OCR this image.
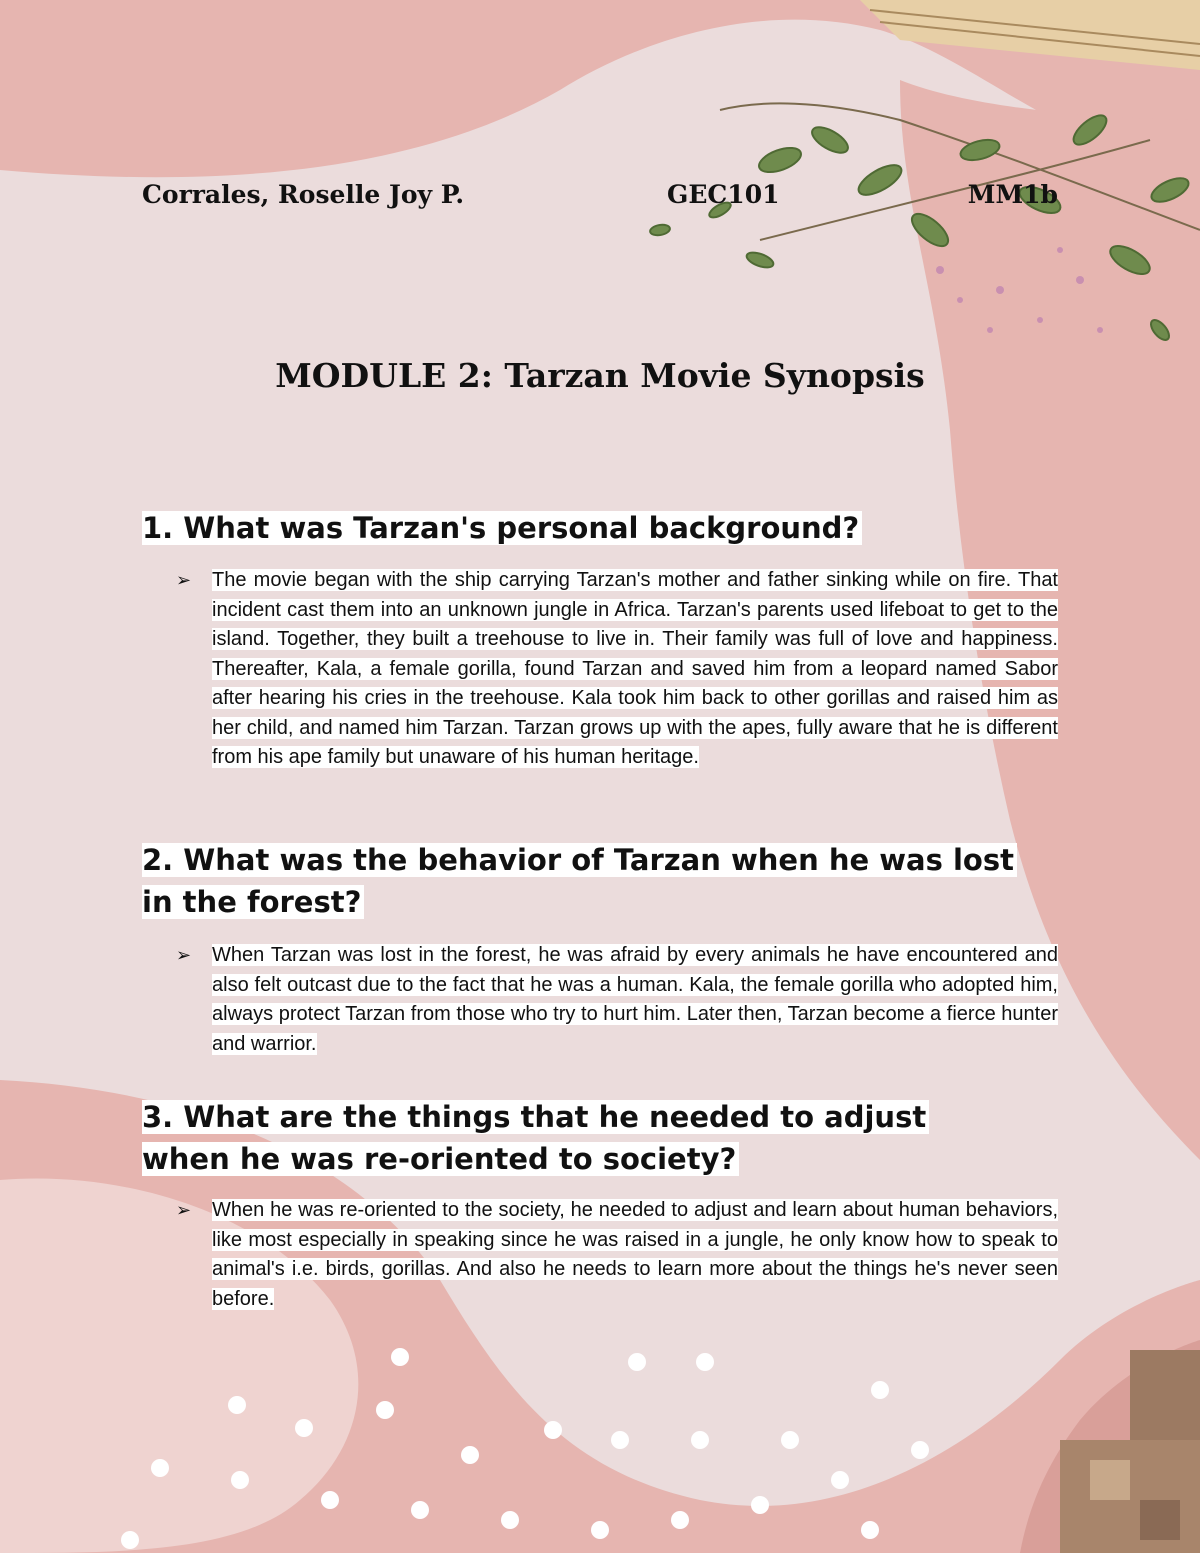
Corrales, Roselle Joy P.	GEC101	MM1b
MODULE 2: Tarzan Movie Synopsis
1. What was Tarzan's personal background?
➢ The movie began with the ship carrying Tarzan's mother and father sinking while on fire. That incident cast them into an unknown jungle in Africa. Tarzan's parents used lifeboat to get to the island. Together, they built a treehouse to live in. Their family was full of love and happiness. Thereafter, Kala, a female gorilla, found Tarzan and saved him from a leopard named Sabor after hearing his cries in the treehouse. Kala took him back to other gorillas and raised him as her child, and named him Tarzan. Tarzan grows up with the apes, fully aware that he is different from his ape family but unaware of his human heritage.

2. What was the behavior of Tarzan when he was lost in the forest?
➢ When Tarzan was lost in the forest, he was afraid by every animals he have encountered and also felt outcast due to the fact that he was a human. Kala, the female gorilla who adopted him, always protect Tarzan from those who try to hurt him. Later then, Tarzan become a fierce hunter and warrior.

3. What are the things that he needed to adjust when he was re-oriented to society?
➢ When he was re-oriented to the society, he needed to adjust and learn about human behaviors, like most especially in speaking since he was raised in a jungle, he only know how to speak to animal's i.e. birds, gorillas. And also he needs to learn more about the things he's never seen before.
